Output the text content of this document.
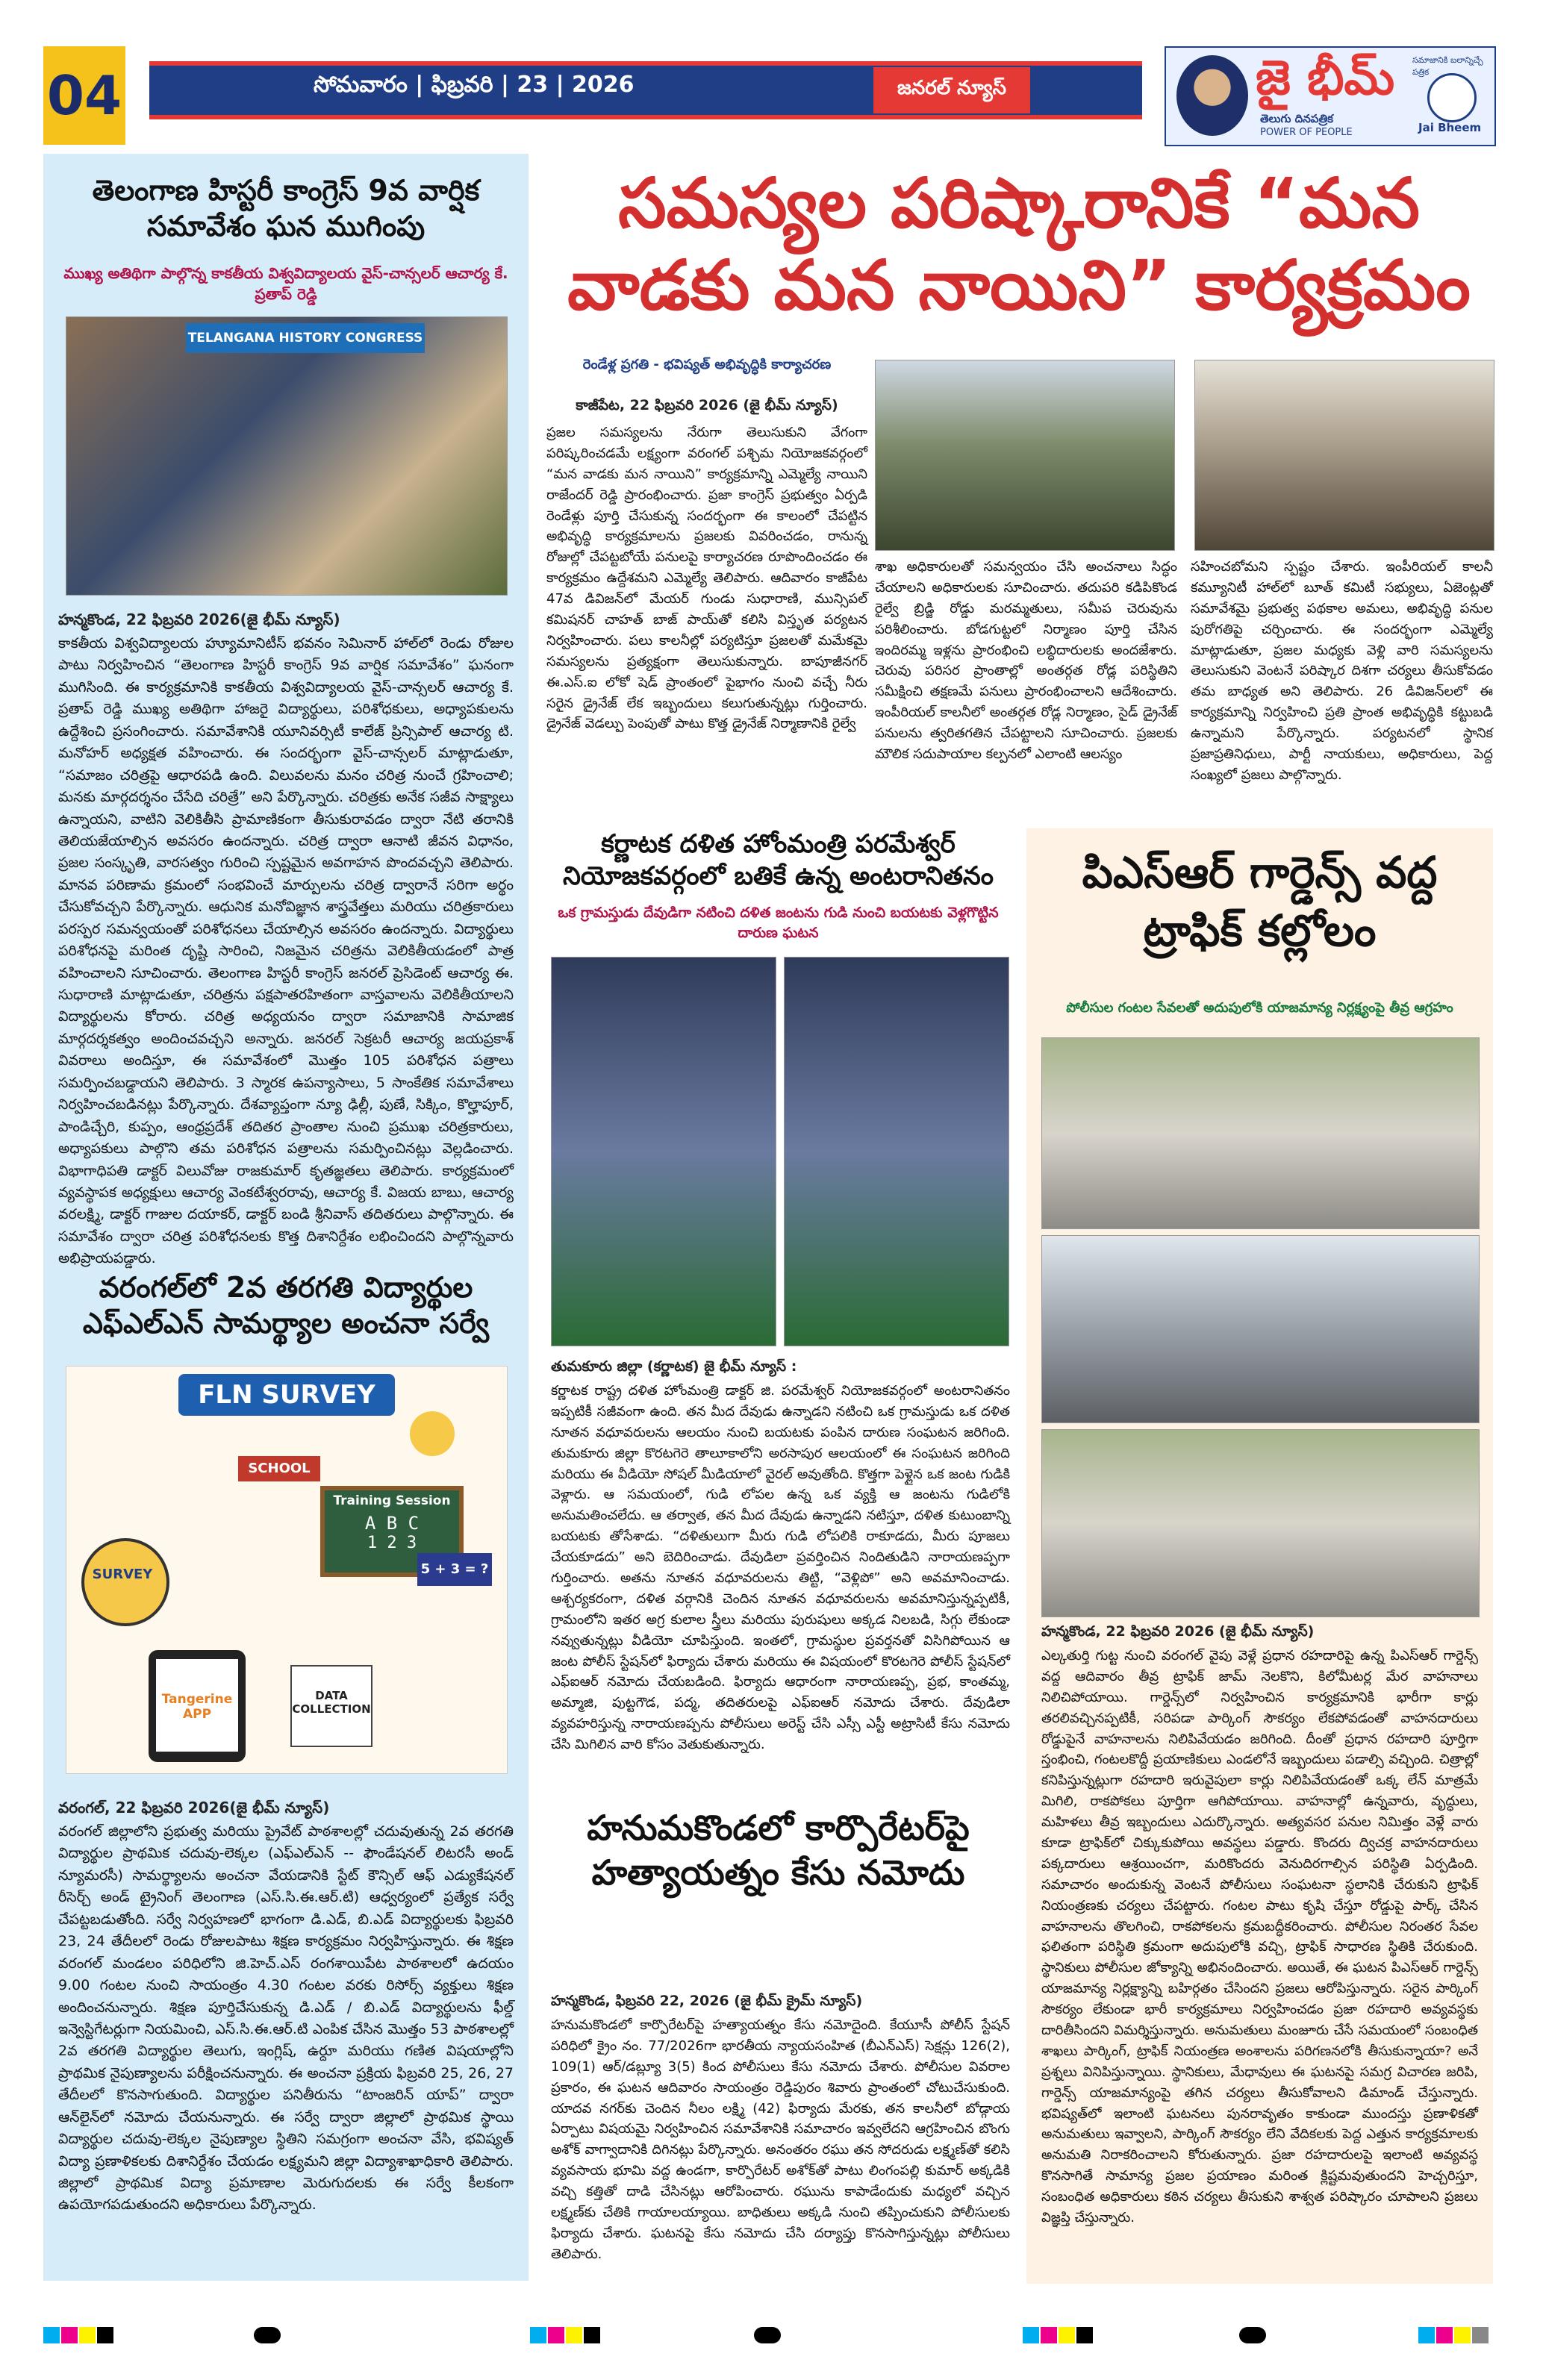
04	సోమవారం | ఫిబ్రవరి | 23 | 2026	జనరల్ న్యూస్	జై భీమ్
తెలుగు దినపత్రిక
POWER OF PEOPLE
సమాజానికి బలాన్నిచ్చే పత్రిక
Jai Bheem
తెలంగాణ హిస్టరీ కాంగ్రెస్ 9వ వార్షిక సమావేశం ఘన ముగింపు
ముఖ్య అతిథిగా పాల్గొన్న కాకతీయ విశ్వవిద్యాలయ వైస్-చాన్సలర్ ఆచార్య కే. ప్రతాప్ రెడ్డి
TELANGANA HISTORY CONGRESS
హన్మకొండ, 22 ఫిబ్రవరి 2026(జై భీమ్ న్యూస్)
కాకతీయ విశ్వవిద్యాలయ హ్యూమానిటీస్ భవనం సెమినార్ హాల్‌లో రెండు రోజుల పాటు నిర్వహించిన “తెలంగాణ హిస్టరీ కాంగ్రెస్ 9వ వార్షిక సమావేశం” ఘనంగా ముగిసింది. ఈ కార్యక్రమానికి కాకతీయ విశ్వవిద్యాలయ వైస్-చాన్సలర్ ఆచార్య కే. ప్రతాప్ రెడ్డి ముఖ్య అతిథిగా హాజరై విద్యార్థులు, పరిశోధకులు, అధ్యాపకులను ఉద్దేశించి ప్రసంగించారు. సమావేశానికి యూనివర్సిటీ కాలేజ్ ప్రిన్సిపాల్ ఆచార్య టి. మనోహర్ అధ్యక్షత వహించారు. ఈ సందర్భంగా వైస్-చాన్సలర్ మాట్లాడుతూ, “సమాజం చరిత్రపై ఆధారపడి ఉంది. విలువలను మనం చరిత్ర నుంచే గ్రహించాలి; మనకు మార్గదర్శనం చేసేది చరిత్రే” అని పేర్కొన్నారు. చరిత్రకు అనేక సజీవ సాక్ష్యాలు ఉన్నాయని, వాటిని వెలికితీసి ప్రామాణికంగా తీసుకురావడం ద్వారా నేటి తరానికి తెలియజేయాల్సిన అవసరం ఉందన్నారు. చరిత్ర ద్వారా ఆనాటి జీవన విధానం, ప్రజల సంస్కృతి, వారసత్వం గురించి స్పష్టమైన అవగాహన పొందవచ్చని తెలిపారు. మానవ పరిణామ క్రమంలో సంభవించే మార్పులను చరిత్ర ద్వారానే సరిగా అర్థం చేసుకోవచ్చని పేర్కొన్నారు. ఆధునిక మనోవిజ్ఞాన శాస్త్రవేత్తలు మరియు చరిత్రకారులు పరస్పర సమన్వయంతో పరిశోధనలు చేయాల్సిన అవసరం ఉందన్నారు. విద్యార్థులు పరిశోధనపై మరింత దృష్టి సారించి, నిజమైన చరిత్రను వెలికితీయడంలో పాత్ర వహించాలని సూచించారు. తెలంగాణ హిస్టరీ కాంగ్రెస్ జనరల్ ప్రెసిడెంట్ ఆచార్య ఈ. సుధారాణి మాట్లాడుతూ, చరిత్రను పక్షపాతరహితంగా వాస్తవాలను వెలికితీయాలని విద్యార్థులను కోరారు. చరిత్ర అధ్యయనం ద్వారా సమాజానికి సామాజిక మార్గదర్శకత్వం అందించవచ్చని అన్నారు. జనరల్ సెక్రటరీ ఆచార్య జయప్రకాశ్ వివరాలు అందిస్తూ, ఈ సమావేశంలో మొత్తం 105 పరిశోధన పత్రాలు సమర్పించబడ్డాయని తెలిపారు. 3 స్మారక ఉపన్యాసాలు, 5 సాంకేతిక సమావేశాలు నిర్వహించబడినట్లు పేర్కొన్నారు. దేశవ్యాప్తంగా న్యూ ఢిల్లీ, పుణే, సిక్కిం, కొల్హాపూర్, పాండిచ్చేరి, కుప్పం, ఆంధ్రప్రదేశ్ తదితర ప్రాంతాల నుంచి ప్రముఖ చరిత్రకారులు, అధ్యాపకులు పాల్గొని తమ పరిశోధన పత్రాలను సమర్పించినట్లు వెల్లడించారు. విభాగాధిపతి డాక్టర్ విలువోజు రాజకుమార్ కృతజ్ఞతలు తెలిపారు. కార్యక్రమంలో వ్యవస్థాపక అధ్యక్షులు ఆచార్య వెంకటేశ్వరరావు, ఆచార్య కే. విజయ బాబు, ఆచార్య వరలక్ష్మి, డాక్టర్ గాజుల దయాకర్, డాక్టర్ బండి శ్రీనివాస్ తదితరులు పాల్గొన్నారు. ఈ సమావేశం ద్వారా చరిత్ర పరిశోధనలకు కొత్త దిశానిర్దేశం లభించిందని పాల్గొన్నవారు అభిప్రాయపడ్డారు.
వరంగల్‌లో 2వ తరగతి విద్యార్థుల ఎఫ్‌ఎల్‌ఎన్ సామర్థ్యాల అంచనా సర్వే
FLN SURVEY
SCHOOL
Training Session
A B C
1 2 3
5 + 3 = ?
SURVEY
Tangerine APP
DATA COLLECTION
వరంగల్, 22 ఫిబ్రవరి 2026(జై భీమ్ న్యూస్)
వరంగల్ జిల్లాలోని ప్రభుత్వ మరియు ప్రైవేట్ పాఠశాలల్లో చదువుతున్న 2వ తరగతి విద్యార్థుల ప్రాథమిక చదువు-లెక్కల (ఎఫ్‌ఎల్‌ఎన్ -- ఫౌండేషనల్ లిటరసీ అండ్ న్యూమరసీ) సామర్థ్యాలను అంచనా వేయడానికి స్టేట్ కౌన్సిల్ ఆఫ్ ఎడ్యుకేషనల్ రీసెర్చ్ అండ్ ట్రైనింగ్ తెలంగాణ (ఎస్.సి.ఈ.ఆర్.టి) ఆధ్వర్యంలో ప్రత్యేక సర్వే చేపట్టబడుతోంది. సర్వే నిర్వహణలో భాగంగా డి.ఎడ్, బి.ఎడ్ విద్యార్థులకు ఫిబ్రవరి 23, 24 తేదీలలో రెండు రోజులపాటు శిక్షణ కార్యక్రమం నిర్వహిస్తున్నారు. ఈ శిక్షణ వరంగల్ మండలం పరిధిలోని జి.హెచ్.ఎస్ రంగశాయిపేట పాఠశాలలో ఉదయం 9.00 గంటల నుంచి సాయంత్రం 4.30 గంటల వరకు రిసోర్స్ వ్యక్తులు శిక్షణ అందించనున్నారు. శిక్షణ పూర్తిచేసుకున్న డి.ఎడ్ / బి.ఎడ్ విద్యార్థులను ఫీల్డ్ ఇన్వెస్టిగేటర్లుగా నియమించి, ఎస్.సి.ఈ.ఆర్.టి ఎంపిక చేసిన మొత్తం 53 పాఠశాలల్లో 2వ తరగతి విద్యార్థుల తెలుగు, ఇంగ్లిష్, ఉర్దూ మరియు గణిత విషయాల్లోని ప్రాథమిక నైపుణ్యాలను పరీక్షించనున్నారు. ఈ అంచనా ప్రక్రియ ఫిబ్రవరి 25, 26, 27 తేదీలలో కొనసాగుతుంది. విద్యార్థుల పనితీరును “టాంజరిన్ యాప్” ద్వారా ఆన్‌లైన్‌లో నమోదు చేయనున్నారు. ఈ సర్వే ద్వారా జిల్లాలో ప్రాథమిక స్థాయి విద్యార్థుల చదువు-లెక్కల నైపుణ్యాల స్థితిని సమగ్రంగా అంచనా వేసి, భవిష్యత్ విద్యా ప్రణాళికలకు దిశానిర్దేశం చేయడం లక్ష్యమని జిల్లా విద్యాశాఖాధికారి తెలిపారు. జిల్లాలో ప్రాథమిక విద్యా ప్రమాణాల మెరుగుదలకు ఈ సర్వే కీలకంగా ఉపయోగపడుతుందని అధికారులు పేర్కొన్నారు.
సమస్యల పరిష్కారానికే “మన వాడకు మన నాయిని” కార్యక్రమం
రెండేళ్ల ప్రగతి - భవిష్యత్ అభివృద్ధికి కార్యాచరణ
కాజీపేట, 22 ఫిబ్రవరి 2026 (జై భీమ్ న్యూస్)
ప్రజల సమస్యలను నేరుగా తెలుసుకుని వేగంగా పరిష్కరించడమే లక్ష్యంగా వరంగల్ పశ్చిమ నియోజకవర్గంలో “మన వాడకు మన నాయిని” కార్యక్రమాన్ని ఎమ్మెల్యే నాయిని రాజేందర్ రెడ్డి ప్రారంభించారు. ప్రజా కాంగ్రెస్ ప్రభుత్వం ఏర్పడి రెండేళ్లు పూర్తి చేసుకున్న సందర్భంగా ఈ కాలంలో చేపట్టిన అభివృద్ధి కార్యక్రమాలను ప్రజలకు వివరించడం, రానున్న రోజుల్లో చేపట్టబోయే పనులపై కార్యాచరణ రూపొందించడం ఈ కార్యక్రమం ఉద్దేశమని ఎమ్మెల్యే తెలిపారు. ఆదివారం కాజీపేట 47వ డివిజన్‌లో మేయర్ గుండు సుధారాణి, మున్సిపల్ కమిషనర్ చాహత్ బాజ్ పాయ్‌తో కలిసి విస్తృత పర్యటన నిర్వహించారు. పలు కాలనీల్లో పర్యటిస్తూ ప్రజలతో మమేకమై సమస్యలను ప్రత్యక్షంగా తెలుసుకున్నారు. బాపూజీనగర్ ఈ.ఎస్.ఐ లోకో షెడ్ ప్రాంతంలో పైభాగం నుంచి వచ్చే నీరు సరైన డ్రైనేజ్ లేక ఇబ్బందులు కలుగుతున్నట్లు గుర్తించారు. డ్రైనేజ్ వెడల్పు పెంపుతో పాటు కొత్త డ్రైనేజ్ నిర్మాణానికి రైల్వే
శాఖ అధికారులతో సమన్వయం చేసి అంచనాలు సిద్ధం చేయాలని అధికారులకు సూచించారు. తదుపరి కడిపికొండ రైల్వే బ్రిడ్జి రోడ్డు మరమ్మతులు, సమీప చెరువును పరిశీలించారు. బోడగుట్టలో నిర్మాణం పూర్తి చేసిన ఇందిరమ్మ ఇళ్లను ప్రారంభించి లబ్ధిదారులకు అందజేశారు. చెరువు పరిసర ప్రాంతాల్లో అంతర్గత రోడ్ల పరిస్థితిని సమీక్షించి తక్షణమే పనులు ప్రారంభించాలని ఆదేశించారు. ఇంపీరియల్ కాలనీలో అంతర్గత రోడ్ల నిర్మాణం, సైడ్ డ్రైనేజ్ పనులను త్వరితగతిన చేపట్టాలని సూచించారు. ప్రజలకు మౌలిక సదుపాయాల కల్పనలో ఎలాంటి ఆలస్యం
సహించబోమని స్పష్టం చేశారు. ఇంపీరియల్ కాలనీ కమ్యూనిటీ హాల్‌లో బూత్ కమిటీ సభ్యులు, ఏజెంట్లతో సమావేశమై ప్రభుత్వ పథకాల అమలు, అభివృద్ధి పనుల పురోగతిపై చర్చించారు. ఈ సందర్భంగా ఎమ్మెల్యే మాట్లాడుతూ, ప్రజల మధ్యకు వెళ్లి వారి సమస్యలను తెలుసుకుని వెంటనే పరిష్కార దిశగా చర్యలు తీసుకోవడం తమ బాధ్యత అని తెలిపారు. 26 డివిజన్‌లలో ఈ కార్యక్రమాన్ని నిర్వహించి ప్రతి ప్రాంత అభివృద్ధికి కట్టుబడి ఉన్నామని పేర్కొన్నారు. పర్యటనలో స్థానిక ప్రజాప్రతినిధులు, పార్టీ నాయకులు, అధికారులు, పెద్ద సంఖ్యలో ప్రజలు పాల్గొన్నారు.
కర్ణాటక దళిత హోంమంత్రి పరమేశ్వర్ నియోజకవర్గంలో బతికే ఉన్న అంటరానితనం
ఒక గ్రామస్తుడు దేవుడిగా నటించి దళిత జంటను గుడి నుంచి బయటకు వెళ్లగొట్టిన దారుణ ఘటన
తుమకూరు జిల్లా (కర్ణాటక) జై భీమ్ న్యూస్ :
కర్ణాటక రాష్ట్ర దళిత హోంమంత్రి డాక్టర్ జి. పరమేశ్వర్ నియోజకవర్గంలో అంటరానితనం ఇప్పటికీ సజీవంగా ఉంది. తన మీద దేవుడు ఉన్నాడని నటించి ఒక గ్రామస్తుడు ఒక దళిత నూతన వధూవరులను ఆలయం నుంచి బయటకు పంపిన దారుణ సంఘటన జరిగింది. తుమకూరు జిల్లా కొరటగెరె తాలూకాలోని అరసాపుర ఆలయంలో ఈ సంఘటన జరిగింది మరియు ఈ వీడియో సోషల్ మీడియాలో వైరల్ అవుతోంది. కొత్తగా పెళ్లైన ఒక జంట గుడికి వెళ్లారు. ఆ సమయంలో, గుడి లోపల ఉన్న ఒక వ్యక్తి ఆ జంటను గుడిలోకి అనుమతించలేదు. ఆ తర్వాత, తన మీద దేవుడు ఉన్నాడని నటిస్తూ, దళిత కుటుంబాన్ని బయటకు తోసేశాడు. “దళితులుగా మీరు గుడి లోపలికి రాకూడదు, మీరు పూజలు చేయకూడదు” అని బెదిరించాడు. దేవుడిలా ప్రవర్తించిన నిందితుడిని నారాయణప్పగా గుర్తించారు. అతను నూతన వధూవరులను తిట్టి, “వెళ్లిపో” అని అవమానించాడు. ఆశ్చర్యకరంగా, దళిత వర్గానికి చెందిన నూతన వధూవరులను అవమానిస్తున్నప్పటికీ, గ్రామంలోని ఇతర అగ్ర కులాల స్త్రీలు మరియు పురుషులు అక్కడ నిలబడి, సిగ్గు లేకుండా నవ్వుతున్నట్లు వీడియో చూపిస్తుంది. ఇంతలో, గ్రామస్థుల ప్రవర్తనతో విసిగిపోయిన ఆ జంట పోలీస్ స్టేషన్‌లో ఫిర్యాదు చేశారు మరియు ఈ విషయంలో కొరటగెరె పోలీస్ స్టేషన్‌లో ఎఫ్ఐఆర్ నమోదు చేయబడింది. ఫిర్యాదు ఆధారంగా నారాయణప్ప, ప్రభ, కాంతమ్మ, అమ్మాజి, పుట్టగౌడ, పద్మ, తదితరులపై ఎఫ్ఐఆర్ నమోదు చేశారు. దేవుడిలా వ్యవహరిస్తున్న నారాయణప్పను పోలీసులు అరెస్ట్ చేసి ఎస్సీ ఎస్టీ అట్రాసిటీ కేసు నమోదు చేసి మిగిలిన వారి కోసం వెతుకుతున్నారు.
హనుమకొండలో కార్పొరేటర్‌పై హత్యాయత్నం కేసు నమోదు
హన్మకొండ, ఫిబ్రవరి 22, 2026 (జై భీమ్ క్రైమ్ న్యూస్)
హనుమకొండలో కార్పొరేటర్‌పై హత్యాయత్నం కేసు నమోదైంది. కేయూసీ పోలీస్ స్టేషన్ పరిధిలో క్రైం నం. 77/2026గా భారతీయ న్యాయసంహిత (బీఎన్ఎస్) సెక్షన్లు 126(2), 109(1) ఆర్/డబ్ల్యూ 3(5) కింద పోలీసులు కేసు నమోదు చేశారు. పోలీసుల వివరాల ప్రకారం, ఈ ఘటన ఆదివారం సాయంత్రం రెడ్డిపురం శివారు ప్రాంతంలో చోటుచేసుకుంది. యాదవ నగర్‌కు చెందిన నీలం లక్ష్మి (42) ఫిర్యాదు మేరకు, తన కాలనీలో బోడ్గాయ ఏర్పాటు విషయమై నిర్వహించిన సమావేశానికి సమాచారం ఇవ్వలేదని ఆగ్రహించిన బొంగు అశోక్ వాగ్వాదానికి దిగినట్లు పేర్కొన్నారు. అనంతరం రఘు తన సోదరుడు లక్ష్మణ్‌తో కలిసి వ్యవసాయ భూమి వద్ద ఉండగా, కార్పొరేటర్ అశోక్‌తో పాటు లింగంపల్లి కుమార్ అక్కడికి వచ్చి కత్తితో దాడి చేసినట్లు ఆరోపించారు. రఘును కాపాడేందుకు మధ్యలో వచ్చిన లక్ష్మణ్‌కు చేతికి గాయాలయ్యాయి. బాధితులు అక్కడి నుంచి తప్పించుకుని పోలీసులకు ఫిర్యాదు చేశారు. ఘటనపై కేసు నమోదు చేసి దర్యాప్తు కొనసాగిస్తున్నట్లు పోలీసులు తెలిపారు.
పిఎస్ఆర్ గార్డెన్స్ వద్ద ట్రాఫిక్ కల్లోలం
పోలీసుల గంటల సేవలతో అదుపులోకి యాజమాన్య నిర్లక్ష్యంపై తీవ్ర ఆగ్రహం
హన్మకొండ, 22 ఫిబ్రవరి 2026 (జై భీమ్ న్యూస్)
ఎల్కతుర్తి గుట్ట నుంచి వరంగల్ వైపు వెళ్లే ప్రధాన రహదారిపై ఉన్న పిఎస్ఆర్ గార్డెన్స్ వద్ద ఆదివారం తీవ్ర ట్రాఫిక్ జామ్ నెలకొని, కిలోమీటర్ల మేర వాహనాలు నిలిచిపోయాయి. గార్డెన్స్‌లో నిర్వహించిన కార్యక్రమానికి భారీగా కార్లు తరలివచ్చినప్పటికీ, సరిపడా పార్కింగ్ సౌకర్యం లేకపోవడంతో వాహనదారులు రోడ్డుపైనే వాహనాలను నిలిపివేయడం జరిగింది. దీంతో ప్రధాన రహదారి పూర్తిగా స్తంభించి, గంటలకొద్దీ ప్రయాణికులు ఎండలోనే ఇబ్బందులు పడాల్సి వచ్చింది. చిత్రాల్లో కనిపిస్తున్నట్లుగా రహదారి ఇరువైపులా కార్లు నిలిపివేయడంతో ఒక్క లేన్ మాత్రమే మిగిలి, రాకపోకలు పూర్తిగా ఆగిపోయాయి. వాహనాల్లో ఉన్నవారు, వృద్ధులు, మహిళలు తీవ్ర ఇబ్బందులు ఎదుర్కొన్నారు. అత్యవసర పనుల నిమిత్తం వెళ్లే వారు కూడా ట్రాఫిక్‌లో చిక్కుకుపోయి అవస్థలు పడ్డారు. కొందరు ద్విచక్ర వాహనదారులు పక్కదారులు ఆశ్రయించగా, మరికొందరు వెనుదిరగాల్సిన పరిస్థితి ఏర్పడింది. సమాచారం అందుకున్న వెంటనే పోలీసులు సంఘటనా స్థలానికి చేరుకుని ట్రాఫిక్ నియంత్రణకు చర్యలు చేపట్టారు. గంటల పాటు కృషి చేస్తూ రోడ్డుపై పార్క్ చేసిన వాహనాలను తొలగించి, రాకపోకలను క్రమబద్ధీకరించారు. పోలీసుల నిరంతర సేవల ఫలితంగా పరిస్థితి క్రమంగా అదుపులోకి వచ్చి, ట్రాఫిక్ సాధారణ స్థితికి చేరుకుంది. స్థానికులు పోలీసుల జోక్యాన్ని అభినందించారు. అయితే, ఈ ఘటన పిఎస్ఆర్ గార్డెన్స్ యాజమాన్య నిర్లక్ష్యాన్ని బహిర్గతం చేసిందని ప్రజలు ఆరోపిస్తున్నారు. సరైన పార్కింగ్ సౌకర్యం లేకుండా భారీ కార్యక్రమాలు నిర్వహించడం ప్రజా రహదారి అవ్యవస్థకు దారితీసిందని విమర్శిస్తున్నారు. అనుమతులు మంజూరు చేసే సమయంలో సంబంధిత శాఖలు పార్కింగ్, ట్రాఫిక్ నియంత్రణ అంశాలను పరిగణనలోకి తీసుకున్నాయా? అనే ప్రశ్నలు వినిపిస్తున్నాయి. స్థానికులు, మేధావులు ఈ ఘటనపై సమగ్ర విచారణ జరిపి, గార్డెన్స్ యాజమాన్యంపై తగిన చర్యలు తీసుకోవాలని డిమాండ్ చేస్తున్నారు. భవిష్యత్‌లో ఇలాంటి ఘటనలు పునరావృతం కాకుండా ముందస్తు ప్రణాళికతో అనుమతులు ఇవ్వాలని, పార్కింగ్ సౌకర్యం లేని వేదికలకు పెద్ద ఎత్తున కార్యక్రమాలకు అనుమతి నిరాకరించాలని కోరుతున్నారు. ప్రజా రహదారులపై ఇలాంటి అవ్యవస్థ కొనసాగితే సామాన్య ప్రజల ప్రయాణం మరింత క్లిష్టమవుతుందని హెచ్చరిస్తూ, సంబంధిత అధికారులు కఠిన చర్యలు తీసుకుని శాశ్వత పరిష్కారం చూపాలని ప్రజలు విజ్ఞప్తి చేస్తున్నారు.
